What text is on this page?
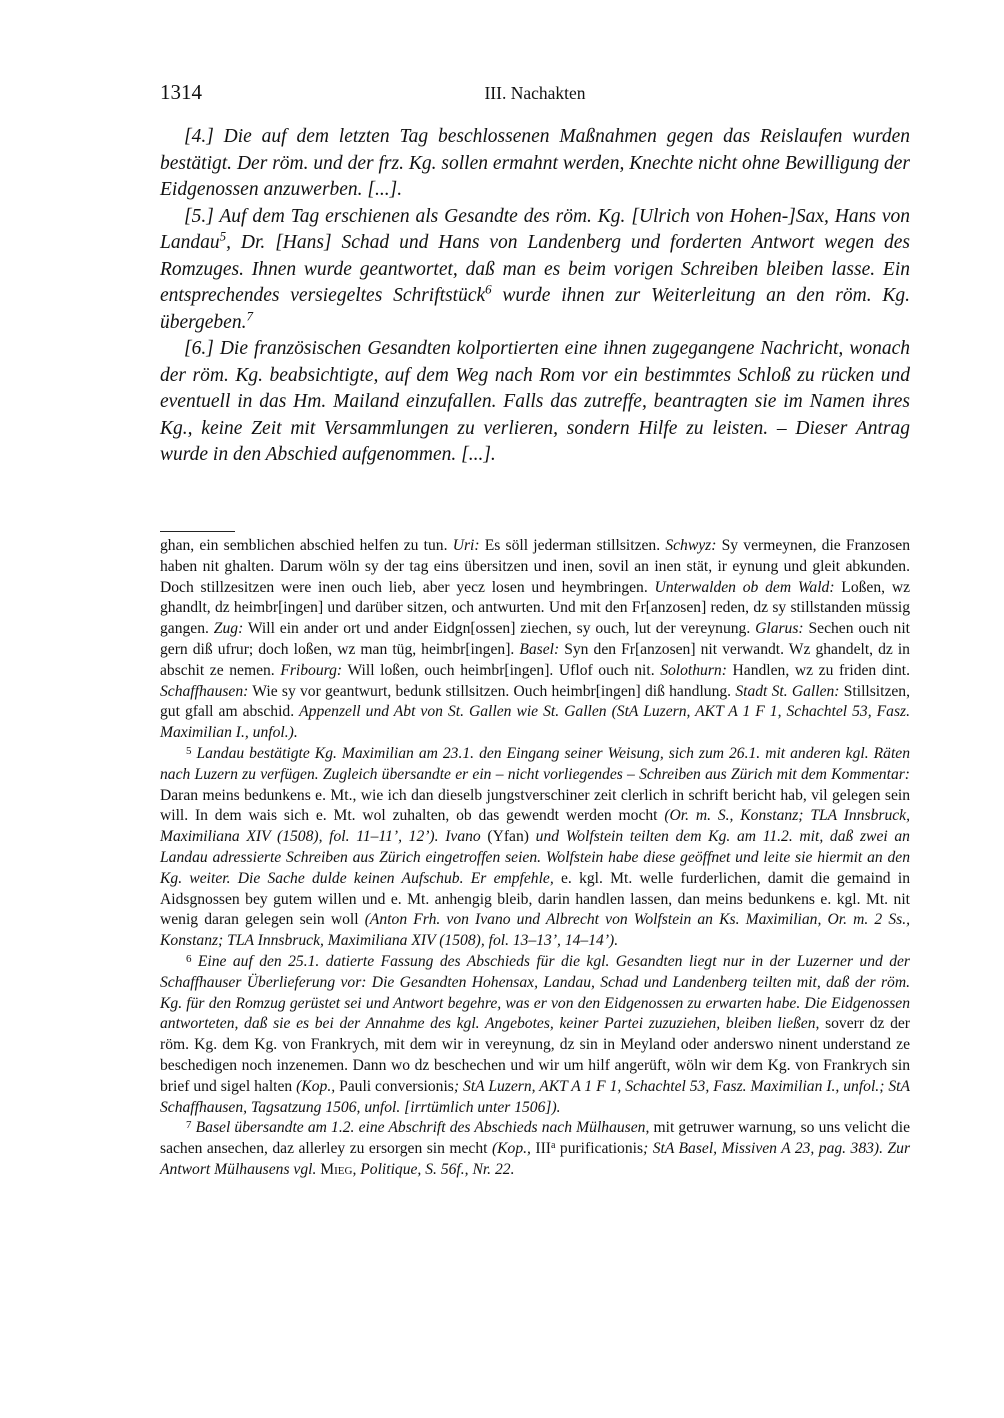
1314	III. Nachakten

[4.] Die auf dem letzten Tag beschlossenen Maßnahmen gegen das Reislaufen wurden bestätigt. Der röm. und der frz. Kg. sollen ermahnt werden, Knechte nicht ohne Bewilligung der Eidgenossen anzuwerben. [...].

[5.] Auf dem Tag erschienen als Gesandte des röm. Kg. [Ulrich von Hohen-]Sax, Hans von Landau$^5$, Dr. [Hans] Schad und Hans von Landenberg und forderten Antwort wegen des Romzuges. Ihnen wurde geantwortet, daß man es beim vorigen Schreiben bleiben lasse. Ein entsprechendes versiegeltes Schriftstück$^6$ wurde ihnen zur Weiterleitung an den röm. Kg. übergeben.$^7$

[6.] Die französischen Gesandten kolportierten eine ihnen zugegangene Nachricht, wonach der röm. Kg. beabsichtigte, auf dem Weg nach Rom vor ein bestimmtes Schloß zu rücken und eventuell in das Hm. Mailand einzufallen. Falls das zutreffe, beantragten sie im Namen ihres Kg., keine Zeit mit Versammlungen zu verlieren, sondern Hilfe zu leisten. – Dieser Antrag wurde in den Abschied aufgenommen. [...].

ghan, ein semblichen abschied helfen zu tun. Uri: Es söll jederman stillsitzen. Schwyz: Sy vermeynen, die Franzosen haben nit ghalten. Darum wöln sy der tag eins übersitzen und inen, sovil an inen stät, ir eynung und gleit abkunden. Doch stillzesitzen were inen ouch lieb, aber yecz losen und heymbringen. Unterwalden ob dem Wald: Loßen, wz ghandlt, dz heimbr[ingen] und darüber sitzen, och antwurten. Und mit den Fr[anzosen] reden, dz sy stillstanden müssig gangen. Zug: Will ein ander ort und ander Eidgn[ossen] ziechen, sy ouch, lut der vereynung. Glarus: Sechen ouch nit gern diß ufrur; doch loßen, wz man tüg, heimbr[ingen]. Basel: Syn den Fr[anzosen] nit verwandt. Wz ghandelt, dz in abschit ze nemen. Fribourg: Will loßen, ouch heimbr[ingen]. Uflof ouch nit. Solothurn: Handlen, wz zu friden dint. Schaffhausen: Wie sy vor geantwurt, bedunk stillsitzen. Ouch heimbr[ingen] diß handlung. Stadt St. Gallen: Stillsitzen, gut gfall am abschid. Appenzell und Abt von St. Gallen wie St. Gallen (StA Luzern, AKT A 1 F 1, Schachtel 53, Fasz. Maximilian I., unfol.).

$^5$ Landau bestätigte Kg. Maximilian am 23.1. den Eingang seiner Weisung, sich zum 26.1. mit anderen kgl. Räten nach Luzern zu verfügen. Zugleich übersandte er ein – nicht vorliegendes – Schreiben aus Zürich mit dem Kommentar: Daran meins bedunkens e. Mt., wie ich dan dieselb jungstverschiner zeit clerlich in schrift bericht hab, vil gelegen sein will. In dem wais sich e. Mt. wol zuhalten, ob das gewendt werden mocht (Or. m. S., Konstanz; TLA Innsbruck, Maximiliana XIV (1508), fol. 11–11’, 12’). Ivano (Yfan) und Wolfstein teilten dem Kg. am 11.2. mit, daß zwei an Landau adressierte Schreiben aus Zürich eingetroffen seien. Wolfstein habe diese geöffnet und leite sie hiermit an den Kg. weiter. Die Sache dulde keinen Aufschub. Er empfehle, e. kgl. Mt. welle furderlichen, damit die gemaind in Aidsgnossen bey gutem willen und e. Mt. anhengig bleib, darin handlen lassen, dan meins bedunkens e. kgl. Mt. nit wenig daran gelegen sein woll (Anton Frh. von Ivano und Albrecht von Wolfstein an Ks. Maximilian, Or. m. 2 Ss., Konstanz; TLA Innsbruck, Maximiliana XIV (1508), fol. 13–13’, 14–14’).

$^6$ Eine auf den 25.1. datierte Fassung des Abschieds für die kgl. Gesandten liegt nur in der Luzerner und der Schaffhauser Überlieferung vor: Die Gesandten Hohensax, Landau, Schad und Landenberg teilten mit, daß der röm. Kg. für den Romzug gerüstet sei und Antwort begehre, was er von den Eidgenossen zu erwarten habe. Die Eidgenossen antworteten, daß sie es bei der Annahme des kgl. Angebotes, keiner Partei zuzuziehen, bleiben ließen, soverr dz der röm. Kg. dem Kg. von Frankrych, mit dem wir in vereynung, dz sin in Meyland oder anderswo ninent understand ze beschedigen noch inzenemen. Dann wo dz beschechen und wir um hilf angerüft, wöln wir dem Kg. von Frankrych sin brief und sigel halten (Kop., Pauli conversionis; StA Luzern, AKT A 1 F 1, Schachtel 53, Fasz. Maximilian I., unfol.; StA Schaffhausen, Tagsatzung 1506, unfol. [irrtümlich unter 1506]).

$^7$ Basel übersandte am 1.2. eine Abschrift des Abschieds nach Mülhausen, mit getruwer warnung, so uns velicht die sachen ansechen, daz allerley zu ersorgen sin mecht (Kop., III$^a$ purificationis; StA Basel, Missiven A 23, pag. 383). Zur Antwort Mülhausens vgl. Mieg, Politique, S. 56f., Nr. 22.
